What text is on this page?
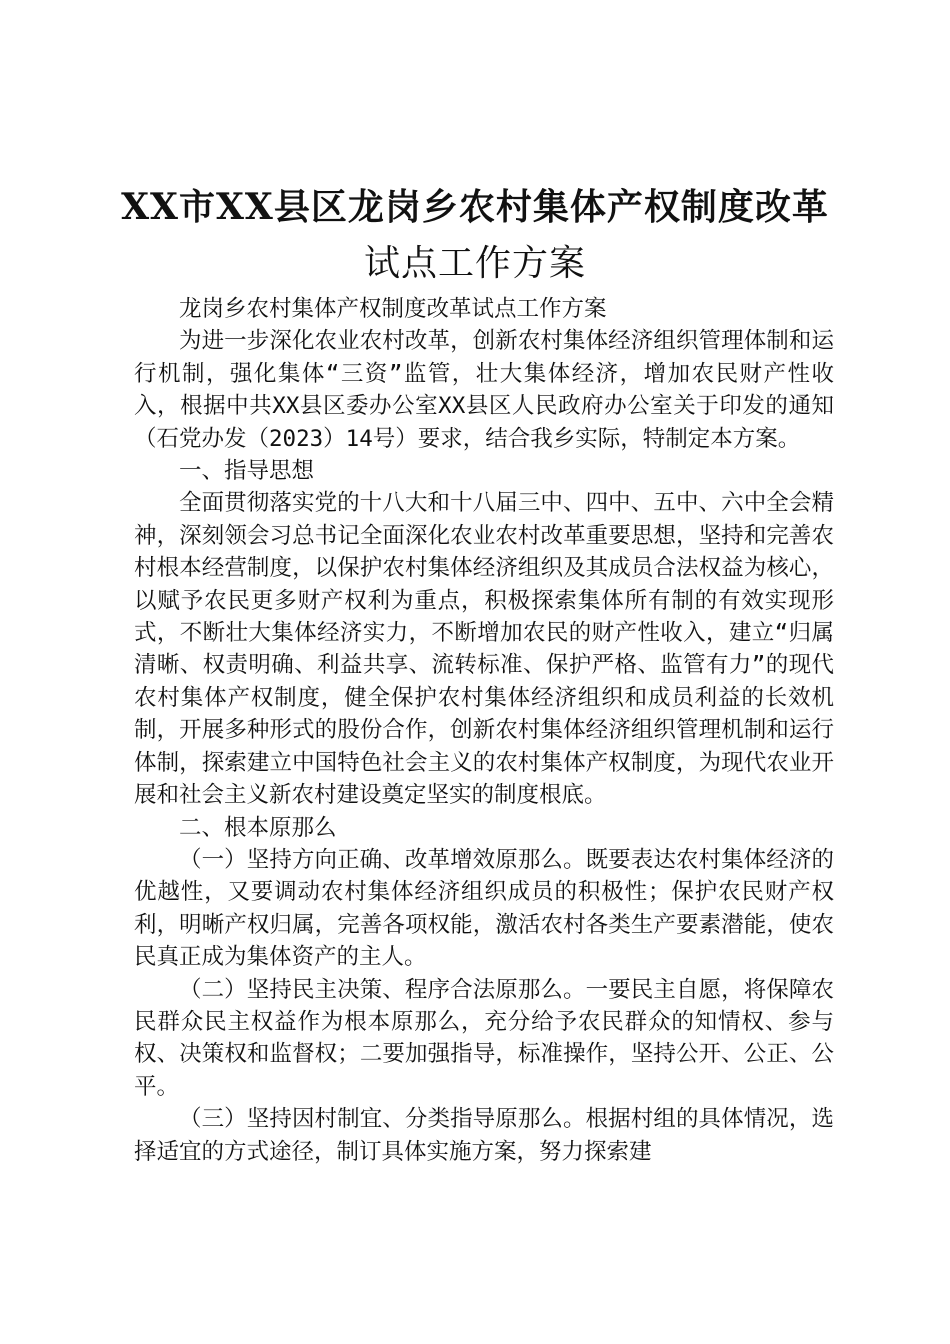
XX市XX县区龙岗乡农村集体产权制度改革
试点工作方案

龙岗乡农村集体产权制度改革试点工作方案

为进一步深化农业农村改革，创新农村集体经济组织管理体制和运行机制，强化集体“三资”监管，壮大集体经济，增加农民财产性收入，根据中共XX县区委办公室XX县区人民政府办公室关于印发的通知（石党办发（2023）14号）要求，结合我乡实际，特制定本方案。

一、指导思想

全面贯彻落实党的十八大和十八届三中、四中、五中、六中全会精神，深刻领会习总书记全面深化农业农村改革重要思想，坚持和完善农村根本经营制度，以保护农村集体经济组织及其成员合法权益为核心，以赋予农民更多财产权利为重点，积极探索集体所有制的有效实现形式，不断壮大集体经济实力，不断增加农民的财产性收入，建立“归属清晰、权责明确、利益共享、流转标准、保护严格、监管有力”的现代农村集体产权制度，健全保护农村集体经济组织和成员利益的长效机制，开展多种形式的股份合作，创新农村集体经济组织管理机制和运行体制，探索建立中国特色社会主义的农村集体产权制度，为现代农业开展和社会主义新农村建设奠定坚实的制度根底。

二、根本原那么

（一）坚持方向正确、改革增效原那么。既要表达农村集体经济的优越性，又要调动农村集体经济组织成员的积极性；保护农民财产权利，明晰产权归属，完善各项权能，激活农村各类生产要素潜能，使农民真正成为集体资产的主人。

（二）坚持民主决策、程序合法原那么。一要民主自愿，将保障农民群众民主权益作为根本原那么，充分给予农民群众的知情权、参与权、决策权和监督权；二要加强指导，标准操作，坚持公开、公正、公平。

（三）坚持因村制宜、分类指导原那么。根据村组的具体情况，选择适宜的方式途径，制订具体实施方案，努力探索建
